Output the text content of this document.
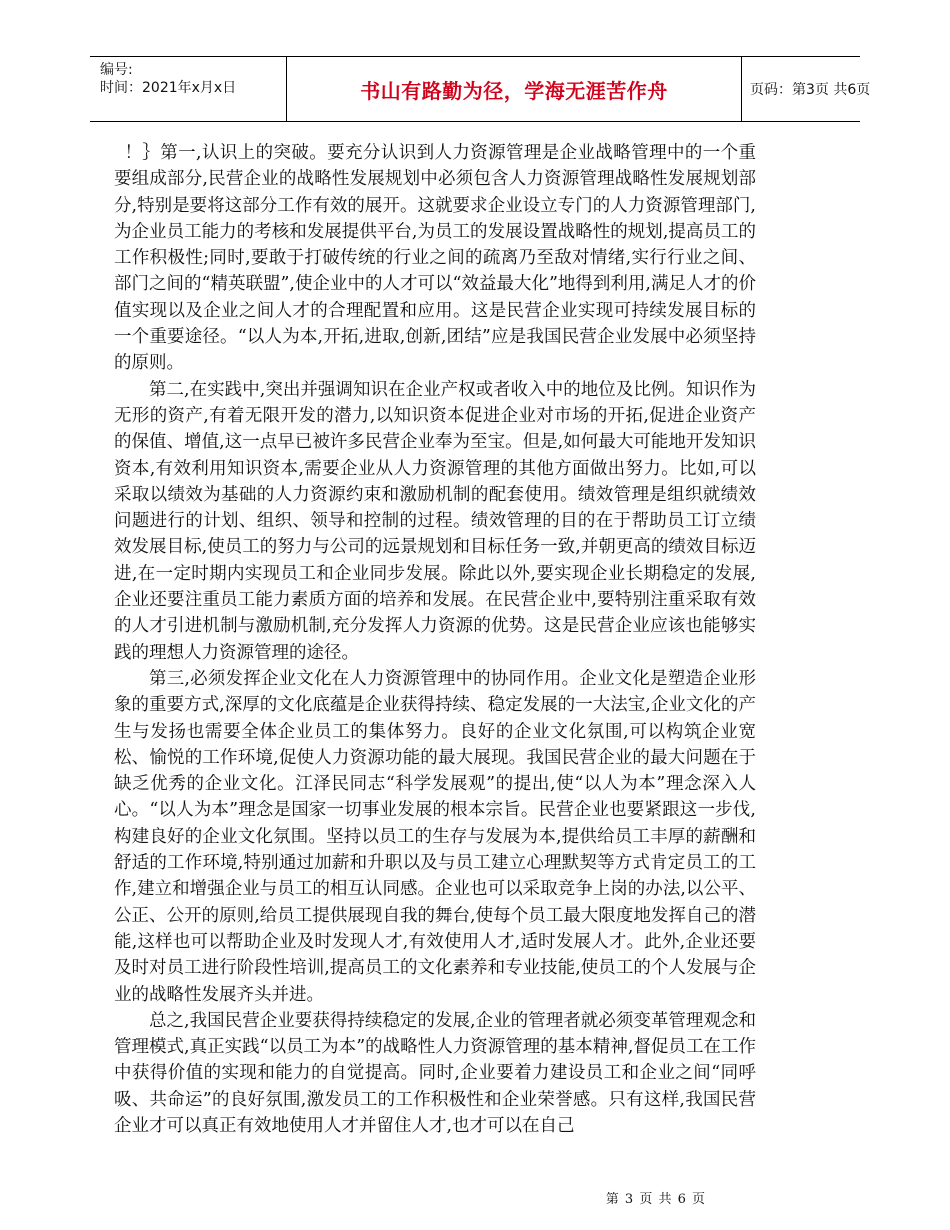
编号:
时间：2021年x月x日	书山有路勤为径，学海无涯苦作舟	页码：第3页 共6页

！｝第一,认识上的突破。要充分认识到人力资源管理是企业战略管理中的一个重要组成部分,民营企业的战略性发展规划中必须包含人力资源管理战略性发展规划部分,特别是要将这部分工作有效的展开。这就要求企业设立专门的人力资源管理部门,为企业员工能力的考核和发展提供平台,为员工的发展设置战略性的规划,提高员工的工作积极性;同时,要敢于打破传统的行业之间的疏离乃至敌对情绪,实行行业之间、部门之间的“精英联盟”,使企业中的人才可以“效益最大化”地得到利用,满足人才的价值实现以及企业之间人才的合理配置和应用。这是民营企业实现可持续发展目标的一个重要途径。“以人为本,开拓,进取,创新,团结”应是我国民营企业发展中必须坚持的原则。

第二,在实践中,突出并强调知识在企业产权或者收入中的地位及比例。知识作为无形的资产,有着无限开发的潜力,以知识资本促进企业对市场的开拓,促进企业资产的保值、增值,这一点早已被许多民营企业奉为至宝。但是,如何最大可能地开发知识资本,有效利用知识资本,需要企业从人力资源管理的其他方面做出努力。比如,可以采取以绩效为基础的人力资源约束和激励机制的配套使用。绩效管理是组织就绩效问题进行的计划、组织、领导和控制的过程。绩效管理的目的在于帮助员工订立绩效发展目标,使员工的努力与公司的远景规划和目标任务一致,并朝更高的绩效目标迈进,在一定时期内实现员工和企业同步发展。除此以外,要实现企业长期稳定的发展,企业还要注重员工能力素质方面的培养和发展。在民营企业中,要特别注重采取有效的人才引进机制与激励机制,充分发挥人力资源的优势。这是民营企业应该也能够实践的理想人力资源管理的途径。

第三,必须发挥企业文化在人力资源管理中的协同作用。企业文化是塑造企业形象的重要方式,深厚的文化底蕴是企业获得持续、稳定发展的一大法宝,企业文化的产生与发扬也需要全体企业员工的集体努力。良好的企业文化氛围,可以构筑企业宽松、愉悦的工作环境,促使人力资源功能的最大展现。我国民营企业的最大问题在于缺乏优秀的企业文化。江泽民同志“科学发展观”的提出,使“以人为本”理念深入人心。“以人为本”理念是国家一切事业发展的根本宗旨。民营企业也要紧跟这一步伐,构建良好的企业文化氛围。坚持以员工的生存与发展为本,提供给员工丰厚的薪酬和舒适的工作环境,特别通过加薪和升职以及与员工建立心理默契等方式肯定员工的工作,建立和增强企业与员工的相互认同感。企业也可以采取竞争上岗的办法,以公平、公正、公开的原则,给员工提供展现自我的舞台,使每个员工最大限度地发挥自己的潜能,这样也可以帮助企业及时发现人才,有效使用人才,适时发展人才。此外,企业还要及时对员工进行阶段性培训,提高员工的文化素养和专业技能,使员工的个人发展与企业的战略性发展齐头并进。

总之,我国民营企业要获得持续稳定的发展,企业的管理者就必须变革管理观念和管理模式,真正实践“以员工为本”的战略性人力资源管理的基本精神,督促员工在工作中获得价值的实现和能力的自觉提高。同时,企业要着力建设员工和企业之间“同呼吸、共命运”的良好氛围,激发员工的工作积极性和企业荣誉感。只有这样,我国民营企业才可以真正有效地使用人才并留住人才,也才可以在自己

第 3 页 共 6 页
